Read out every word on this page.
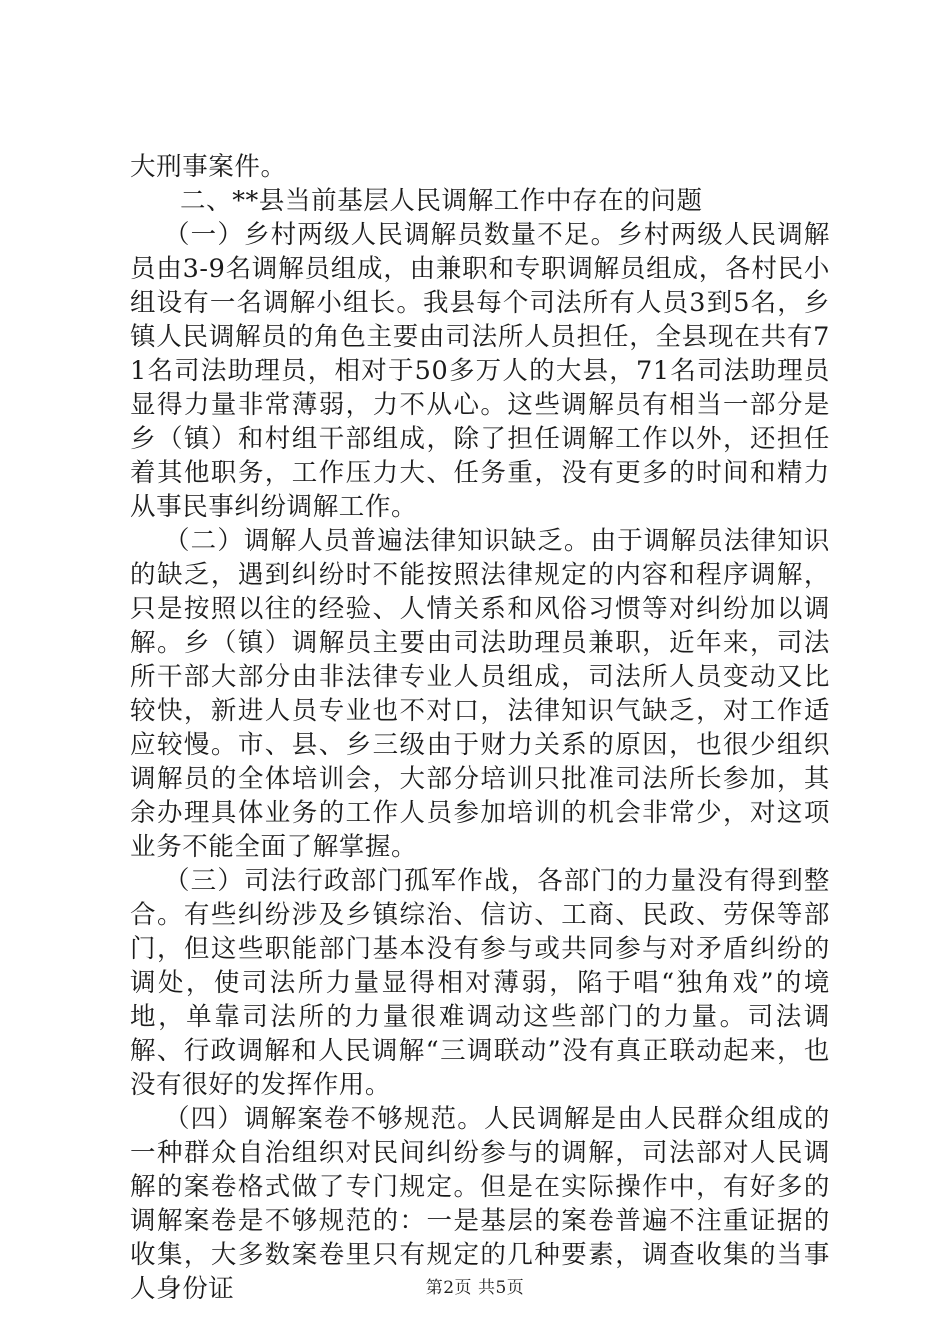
大刑事案件。

二、**县当前基层人民调解工作中存在的问题

（一）乡村两级人民调解员数量不足。乡村两级人民调解员由3-9名调解员组成，由兼职和专职调解员组成，各村民小组设有一名调解小组长。我县每个司法所有人员3到5名，乡镇人民调解员的角色主要由司法所人员担任，全县现在共有71名司法助理员，相对于50多万人的大县，71名司法助理员显得力量非常薄弱，力不从心。这些调解员有相当一部分是乡（镇）和村组干部组成，除了担任调解工作以外，还担任着其他职务，工作压力大、任务重，没有更多的时间和精力从事民事纠纷调解工作。

（二）调解人员普遍法律知识缺乏。由于调解员法律知识的缺乏，遇到纠纷时不能按照法律规定的内容和程序调解，只是按照以往的经验、人情关系和风俗习惯等对纠纷加以调解。乡（镇）调解员主要由司法助理员兼职，近年来，司法所干部大部分由非法律专业人员组成，司法所人员变动又比较快，新进人员专业也不对口，法律知识气缺乏，对工作适应较慢。市、县、乡三级由于财力关系的原因，也很少组织调解员的全体培训会，大部分培训只批准司法所长参加，其余办理具体业务的工作人员参加培训的机会非常少，对这项业务不能全面了解掌握。

（三）司法行政部门孤军作战，各部门的力量没有得到整合。有些纠纷涉及乡镇综治、信访、工商、民政、劳保等部门，但这些职能部门基本没有参与或共同参与对矛盾纠纷的调处，使司法所力量显得相对薄弱，陷于唱“独角戏”的境地，单靠司法所的力量很难调动这些部门的力量。司法调解、行政调解和人民调解“三调联动”没有真正联动起来，也没有很好的发挥作用。

（四）调解案卷不够规范。人民调解是由人民群众组成的一种群众自治组织对民间纠纷参与的调解，司法部对人民调解的案卷格式做了专门规定。但是在实际操作中，有好多的调解案卷是不够规范的：一是基层的案卷普遍不注重证据的收集，大多数案卷里只有规定的几种要素，调查收集的当事人身份证	第2页 共5页
